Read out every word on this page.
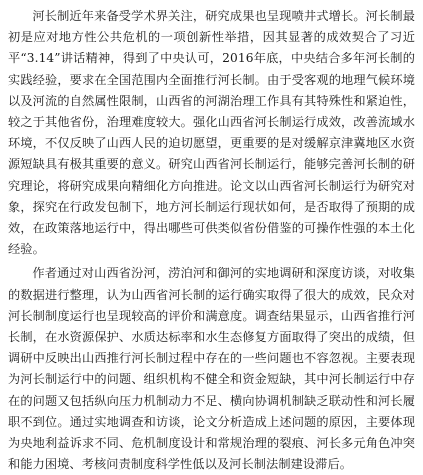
河长制近年来备受学术界关注，研究成果也呈现喷井式增长。河长制最初是应对地方性公共危机的一项创新性举措，因其显著的成效契合了习近平“3.14”讲话精神，得到了中央认可，2016年底，中央结合多年河长制的实践经验，要求在全国范围内全面推行河长制。由于受客观的地理气候环境以及河流的自然属性限制，山西省的河湖治理工作具有其特殊性和紧迫性，较之于其他省份，治理难度较大。强化山西省河长制运行成效，改善流域水环境，不仅反映了山西人民的迫切愿望，更重要的是对缓解京津冀地区水资源短缺具有极其重要的意义。研究山西省河长制运行，能够完善河长制的研究理论，将研究成果向精细化方向推进。论文以山西省河长制运行为研究对象，探究在行政发包制下，地方河长制运行现状如何，是否取得了预期的成效，在政策落地运行中，得出哪些可供类似省份借鉴的可操作性强的本土化经验。

作者通过对山西省汾河，涝泊河和御河的实地调研和深度访谈，对收集的数据进行整理，认为山西省河长制的运行确实取得了很大的成效，民众对河长制制度运行也呈现较高的评价和满意度。调查结果显示，山西省推行河长制，在水资源保护、水质达标率和水生态修复方面取得了突出的成绩，但调研中反映出山西推行河长制过程中存在的一些问题也不容忽视。主要表现为河长制运行中的问题、组织机构不健全和资金短缺，其中河长制运行中存在的问题又包括纵向压力机制动力不足、横向协调机制缺乏联动性和河长履职不到位。通过实地调查和访谈，论文分析造成上述问题的原因，主要体现为央地利益诉求不同、危机制度设计和常规治理的裂痕、河长多元角色冲突和能力困境、考核问责制度科学性低以及河长制法制建设滞后。
